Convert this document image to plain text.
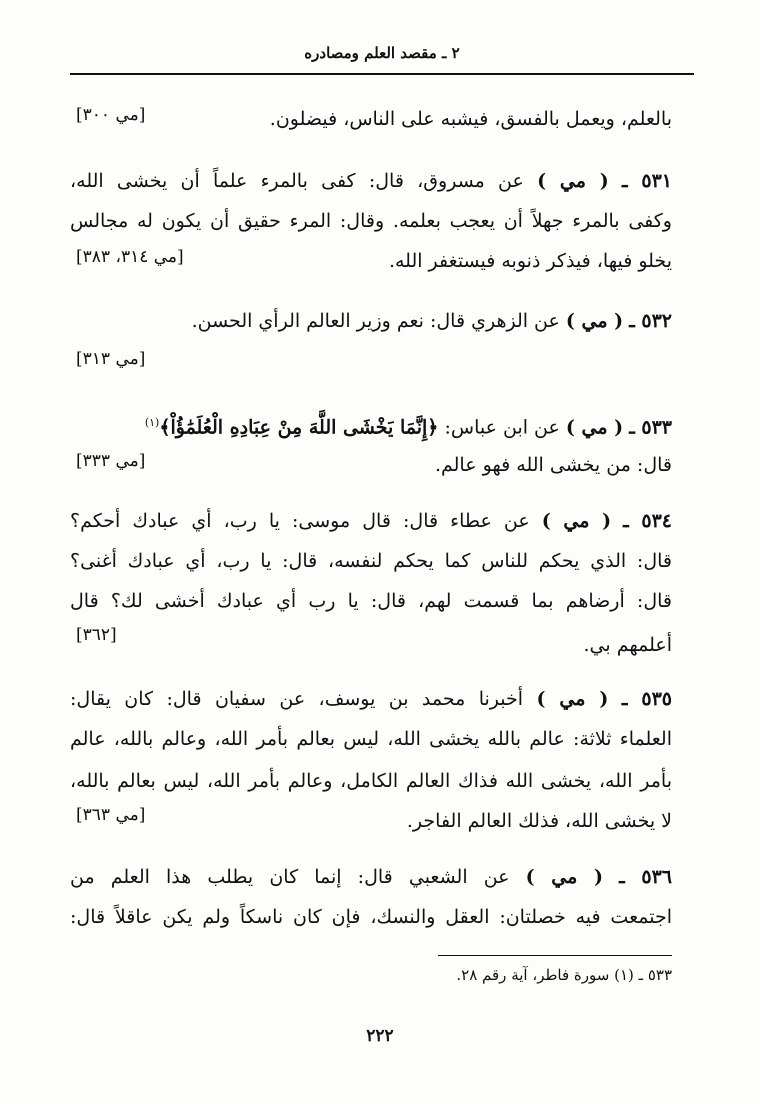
٢ ـ مقصد العلم ومصادره
بالعلم، ويعمل بالفسق، فيشبه على الناس، فيضلون.
[مي ٣٠٠]
٥٣١ ـ ( مي ) عن مسروق، قال: كفى بالمرء علماً أن يخشى الله،
وكفى بالمرء جهلاً أن يعجب بعلمه. وقال: المرء حقيق أن يكون له مجالس
يخلو فيها، فيذكر ذنوبه فيستغفر الله.
[مي ٣١٤، ٣٨٣]
٥٣٢ ـ ( مي ) عن الزهري قال: نعم وزير العالم الرأي الحسن.
[مي ٣١٣]
٥٣٣ ـ ( مي ) عن ابن عباس: ﴿إِنَّمَا يَخْشَى اللَّهَ مِنْ عِبَادِهِ الْعُلَمَٰؤُاْ﴾$^{(١)}$
قال: من يخشى الله فهو عالم.
[مي ٣٣٣]
٥٣٤ ـ ( مي ) عن عطاء قال: قال موسى: يا رب، أي عبادك أحكم؟
قال: الذي يحكم للناس كما يحكم لنفسه، قال: يا رب، أي عبادك أغنى؟
قال: أرضاهم بما قسمت لهم، قال: يا رب أي عبادك أخشى لك؟ قال
أعلمهم بي.
[٣٦٢]
٥٣٥ ـ ( مي ) أخبرنا محمد بن يوسف، عن سفيان قال: كان يقال:
العلماء ثلاثة: عالم بالله يخشى الله، ليس بعالم بأمر الله، وعالم بالله، عالم
بأمر الله، يخشى الله فذاك العالم الكامل، وعالم بأمر الله، ليس بعالم بالله،
لا يخشى الله، فذلك العالم الفاجر.
[مي ٣٦٣]
٥٣٦ ـ ( مي ) عن الشعبي قال: إنما كان يطلب هذا العلم من
اجتمعت فيه خصلتان: العقل والنسك، فإن كان ناسكاً ولم يكن عاقلاً قال:
٥٣٣ ـ (١) سورة فاطر، آية رقم ٢٨.
٢٢٢
